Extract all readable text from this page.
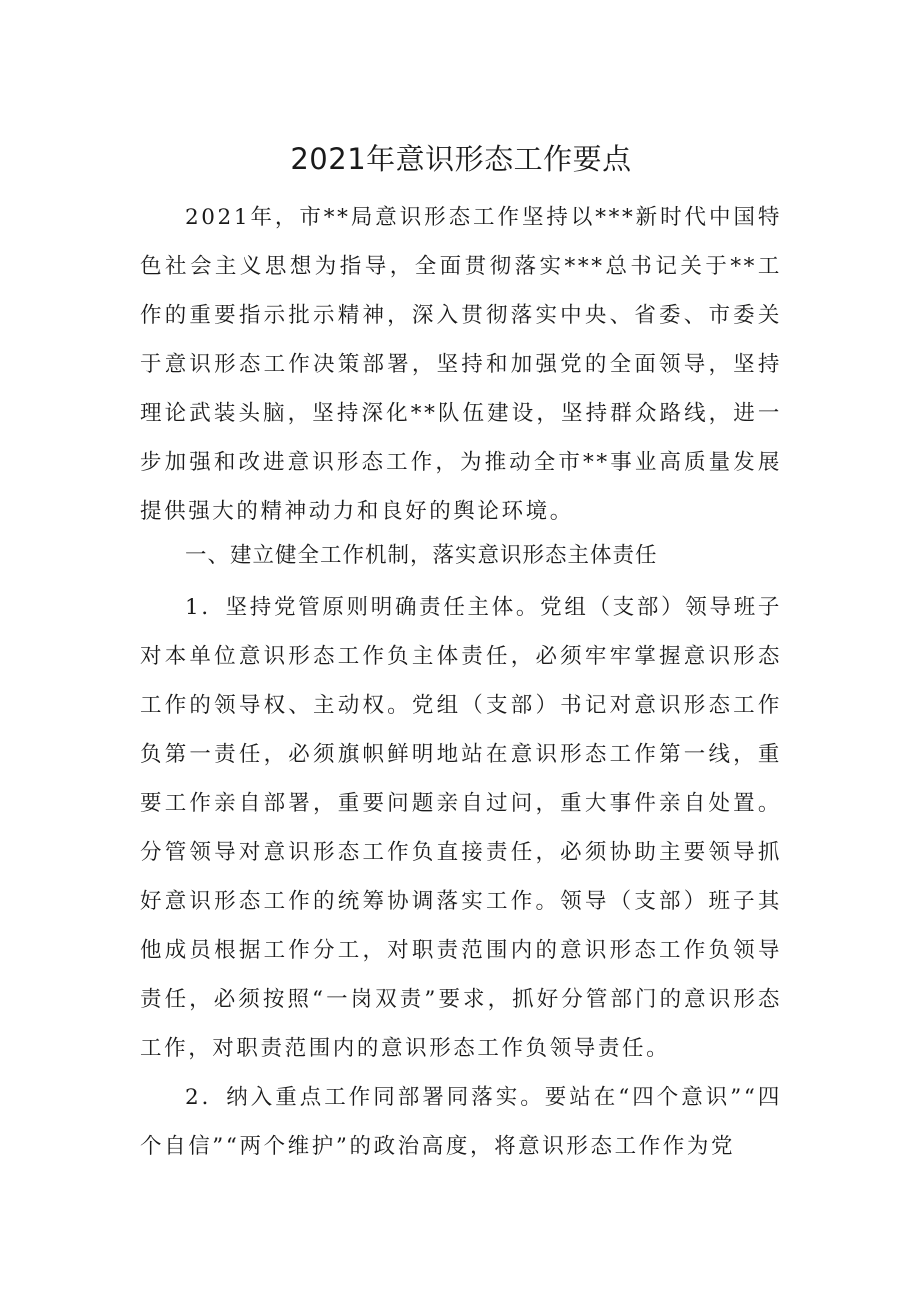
2021年意识形态工作要点

2021年，市**局意识形态工作坚持以***新时代中国特色社会主义思想为指导，全面贯彻落实***总书记关于**工作的重要指示批示精神，深入贯彻落实中央、省委、市委关于意识形态工作决策部署，坚持和加强党的全面领导，坚持理论武装头脑，坚持深化**队伍建设，坚持群众路线，进一步加强和改进意识形态工作，为推动全市**事业高质量发展提供强大的精神动力和良好的舆论环境。

一、建立健全工作机制，落实意识形态主体责任

1．坚持党管原则明确责任主体。党组（支部）领导班子对本单位意识形态工作负主体责任，必须牢牢掌握意识形态工作的领导权、主动权。党组（支部）书记对意识形态工作负第一责任，必须旗帜鲜明地站在意识形态工作第一线，重要工作亲自部署，重要问题亲自过问，重大事件亲自处置。分管领导对意识形态工作负直接责任，必须协助主要领导抓好意识形态工作的统筹协调落实工作。领导（支部）班子其他成员根据工作分工，对职责范围内的意识形态工作负领导责任，必须按照“一岗双责”要求，抓好分管部门的意识形态工作，对职责范围内的意识形态工作负领导责任。

2．纳入重点工作同部署同落实。要站在“四个意识”“四个自信”“两个维护”的政治高度，将意识形态工作作为党
